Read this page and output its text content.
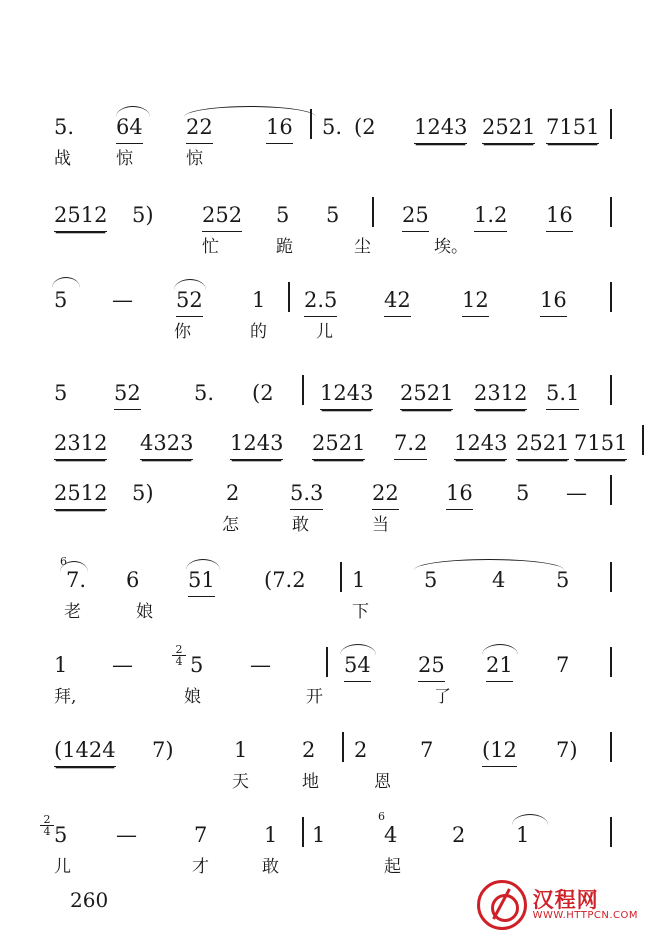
5. 64 22	16 5. (2 1243 2521 7151
战	惊	惊
2512 5) 252 5 5	25 1.2 16
忙	跪	尘	埃。
5 — 52 1 2.5 42 12 16
你	的	儿
5 52	5. (2 1243 2521 2312 5.1
2312 4323 1243 2521 7.2 1243 2521 7151
2512 5)	2 5.3 22 16 5 —
怎	敢	当
6
7. 6 51 (7.2 1	5	4 5
老	娘	下
$\frac{2}{4}$
1 —	5 —	54 25 21 7
拜,	娘	开	了
(1424 7)	1	2 2	7 (12 7)
天	地	恩
$\frac{2}{4}$	6
5 —	7	1 1	4	2 1
儿	才	敢	起
260	汉程网
WWW.HTTPCN.COM
